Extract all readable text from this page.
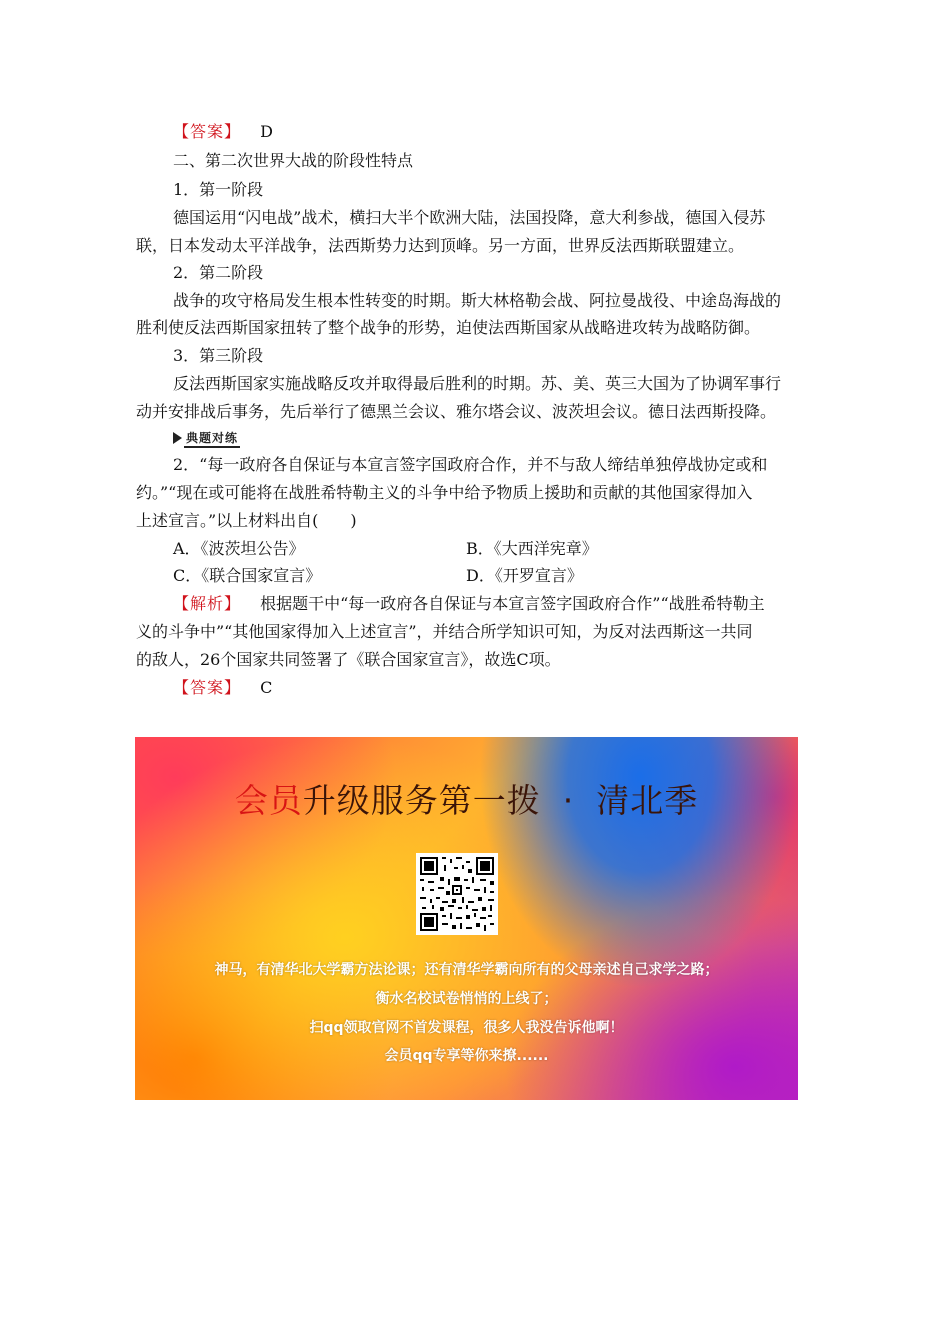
【答案】 D
二、第二次世界大战的阶段性特点
1．第一阶段
德国运用“闪电战”战术，横扫大半个欧洲大陆，法国投降，意大利参战，德国入侵苏
联，日本发动太平洋战争，法西斯势力达到顶峰。另一方面，世界反法西斯联盟建立。
2．第二阶段
战争的攻守格局发生根本性转变的时期。斯大林格勒会战、阿拉曼战役、中途岛海战的
胜利使反法西斯国家扭转了整个战争的形势，迫使法西斯国家从战略进攻转为战略防御。
3．第三阶段
反法西斯国家实施战略反攻并取得最后胜利的时期。苏、美、英三大国为了协调军事行
动并安排战后事务，先后举行了德黑兰会议、雅尔塔会议、波茨坦会议。德日法西斯投降。
典题对练
2．“每一政府各自保证与本宣言签字国政府合作，并不与敌人缔结单独停战协定或和
约。”“现在或可能将在战胜希特勒主义的斗争中给予物质上援助和贡献的其他国家得加入
上述宣言。”以上材料出自(　　)
A．《波茨坦公告》	B．《大西洋宪章》
C．《联合国家宣言》	D．《开罗宣言》
【解析】 根据题干中“每一政府各自保证与本宣言签字国政府合作”“战胜希特勒主
义的斗争中”“其他国家得加入上述宣言”，并结合所学知识可知，为反对法西斯这一共同
的敌人，26个国家共同签署了《联合国家宣言》，故选C项。
【答案】 C
会员升级服务第一拨 · 清北季
神马，有清华北大学霸方法论课；还有清华学霸向所有的父母亲述自己求学之路；
衡水名校试卷悄悄的上线了；
扫qq领取官网不首发课程，很多人我没告诉他啊！
会员qq专享等你来撩......
